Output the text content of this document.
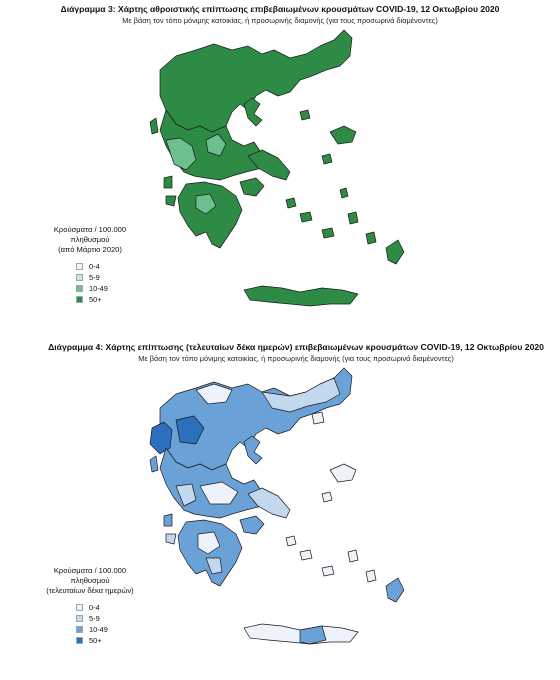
Διάγραμμα 3: Χάρτης αθροιστικής επίπτωσης επιβεβαιωμένων κρουσμάτων COVID-19, 12 Οκτωβρίου 2020
Με βάση τον τόπο μόνιμης κατοικίας, ή προσωρινής διαμονής (για τους προσωρινά διαμένοντες)
Κρούσματα / 100.000 πληθυσμού
(από Μάρτιο 2020)
0-4
5-9
10-49
50+
Διάγραμμα 4: Χάρτης επίπτωσης (τελευταίων δέκα ημερών) επιβεβαιωμένων κρουσμάτων COVID-19, 12 Οκτωβρίου 2020
Με βάση τον τόπο μόνιμης κατοικίας, ή προσωρινής διαμονής (για τους προσωρινά διαμένοντες)
Κρούσματα / 100.000 πληθυσμού
(τελευταίων δέκα ημερών)
0-4
5-9
10-49
50+
